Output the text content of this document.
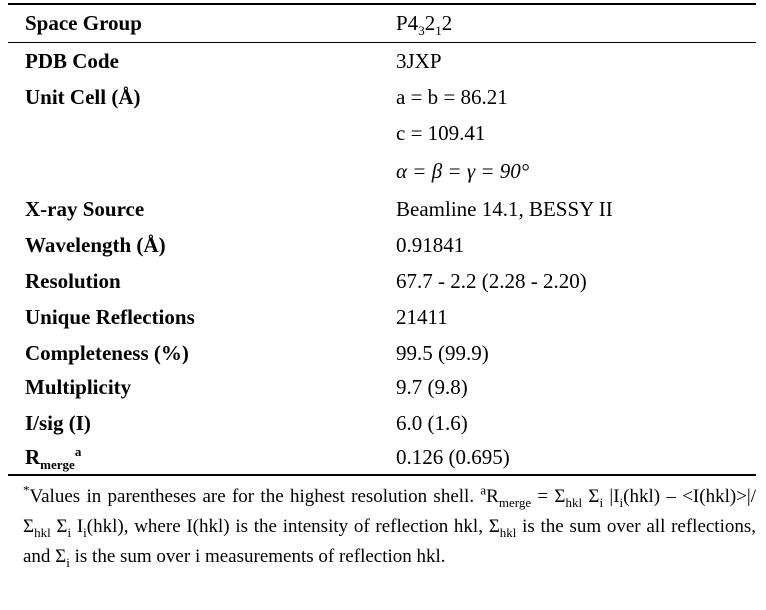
Space Group	$P4_32_12$
PDB Code	3JXP
Unit Cell (Å)	a = b = 86.21
c = 109.41
α = β = γ = 90°
X-ray Source	Beamline 14.1, BESSY II
Wavelength (Å)	0.91841
Resolution	67.7 - 2.2 (2.28 - 2.20)
Unique Reflections	21411
Completeness (%)	99.5 (99.9)
Multiplicity	9.7 (9.8)
I/sig (I)	6.0 (1.6)
$R_{merge}^a$	0.126 (0.695)
*Values in parentheses are for the highest resolution shell. $^aR_{merge} = \Sigma_{hkl}$ $\Sigma_i$ $|I_i(hkl) - <I(hkl)>|/\Sigma_{hkl}$ $\Sigma_i$ $I_i(hkl)$, where I(hkl) is the intensity of reflection hkl, $\Sigma_{hkl}$ is the sum over all reflections, and $\Sigma_i$ is the sum over i measurements of reflection hkl.
